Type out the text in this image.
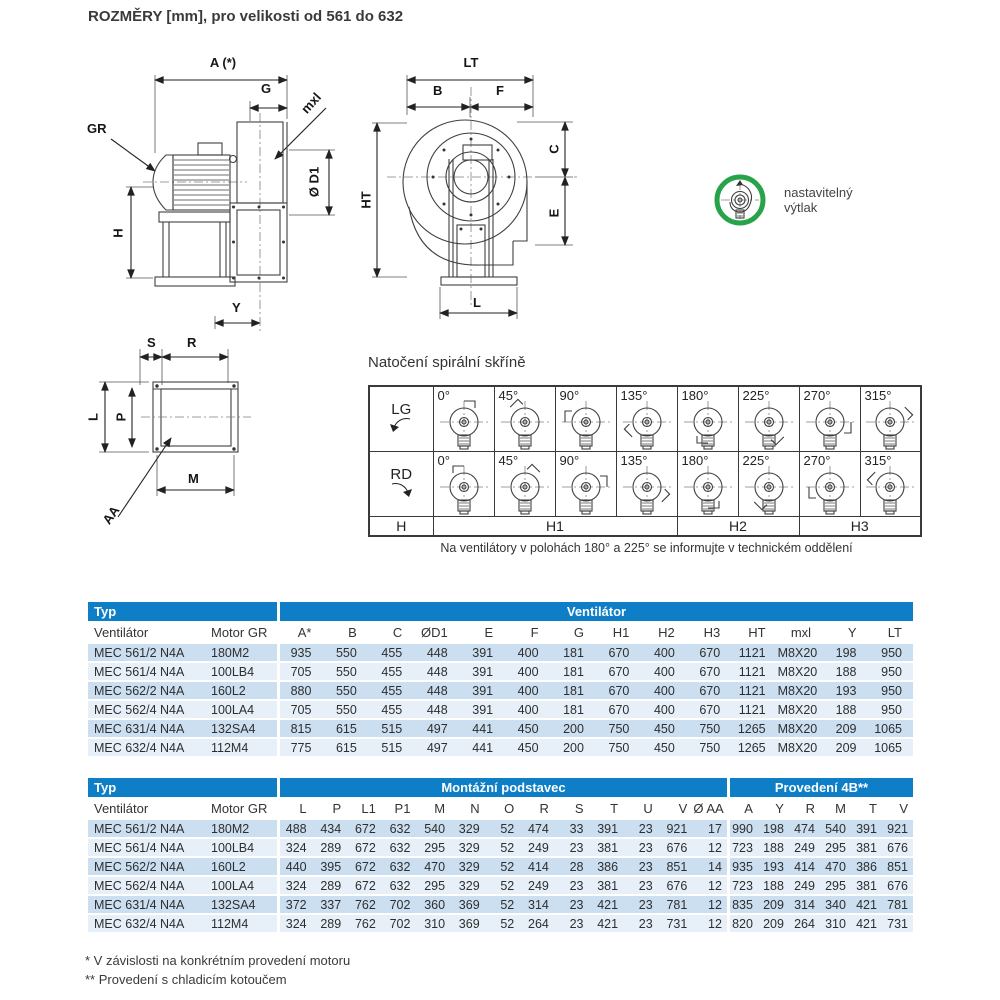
ROZMĚRY [mm], pro velikosti od 561 do 632
A (*)
G
mxl
GR
Ø D1
H
Y
LT
B	F
HT
C
E
L
S R
L P
M
AA
nastavitelný
výtlak
Natočení spirální skříně
LG	0°	45°	90°	135°	180°	225°	270°	315°

RD	0°	45°	90°	135°	180°	225°	270°	315°

H	H1				H2		H3	
Na ventilátory v polohách 180° a 225° se informujte v technickém oddělení
Typ		Ventilátor													
Ventilátor	Motor GR	A*	B	C	ØD1	E	F	G	H1	H2	H3	HT	mxl	Y	LT
MEC 561/2 N4A	180M2	935	550	455	448	391	400	181	670	400	670	1121	M8X20	198	950
MEC 561/4 N4A	100LB4	705	550	455	448	391	400	181	670	400	670	1121	M8X20	188	950
MEC 562/2 N4A	160L2	880	550	455	448	391	400	181	670	400	670	1121	M8X20	193	950
MEC 562/4 N4A	100LA4	705	550	455	448	391	400	181	670	400	670	1121	M8X20	188	950
MEC 631/4 N4A	132SA4	815	615	515	497	441	450	200	750	450	750	1265	M8X20	209	1065
MEC 632/4 N4A	112M4	775	615	515	497	441	450	200	750	450	750	1265	M8X20	209	1065
Typ		Montážní podstavec													Provedení 4B**					
Ventilátor	Motor GR	L	P	L1	P1	M	N	O	R	S	T	U	V	Ø AA	A	Y	R	M	T	V
MEC 561/2 N4A	180M2	488	434	672	632	540	329	52	474	33	391	23	921	17	990	198	474	540	391	921
MEC 561/4 N4A	100LB4	324	289	672	632	295	329	52	249	23	381	23	676	12	723	188	249	295	381	676
MEC 562/2 N4A	160L2	440	395	672	632	470	329	52	414	28	386	23	851	14	935	193	414	470	386	851
MEC 562/4 N4A	100LA4	324	289	672	632	295	329	52	249	23	381	23	676	12	723	188	249	295	381	676
MEC 631/4 N4A	132SA4	372	337	762	702	360	369	52	314	23	421	23	781	12	835	209	314	340	421	781
MEC 632/4 N4A	112M4	324	289	762	702	310	369	52	264	23	421	23	731	12	820	209	264	310	421	731
* V závislosti na konkrétním provedení motoru
** Provedení s chladicím kotoučem
